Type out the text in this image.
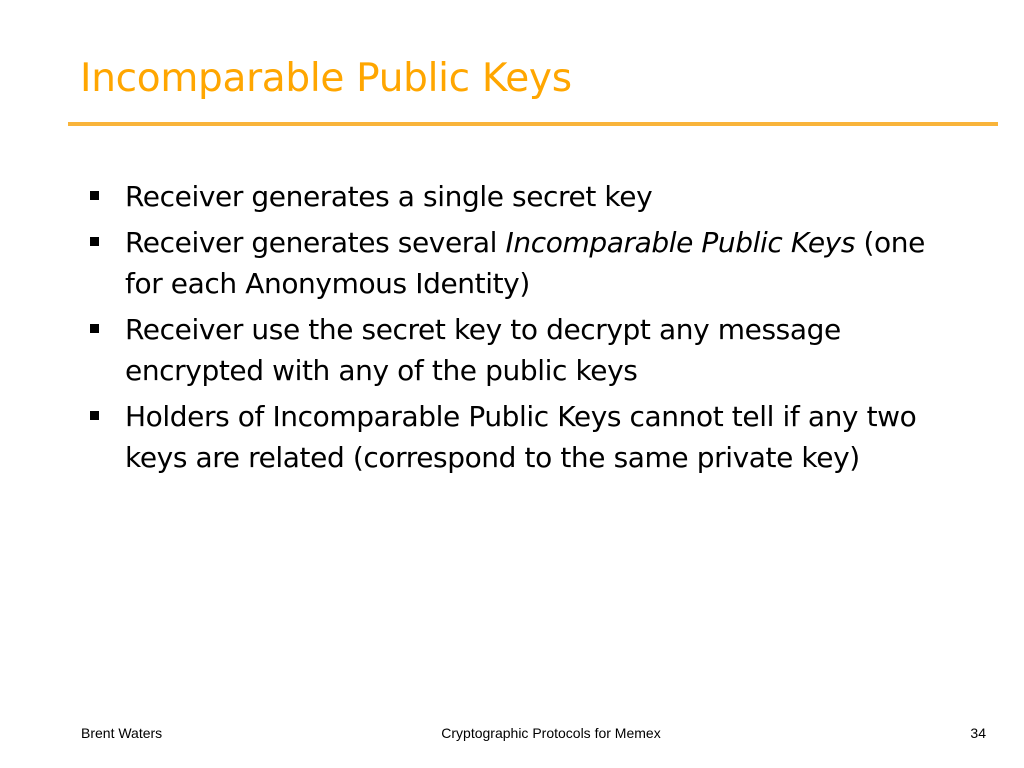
Incomparable Public Keys
Receiver generates a single secret key
Receiver generates several Incomparable Public Keys (one for each Anonymous Identity)
Receiver use the secret key to decrypt any message encrypted with any of the public keys
Holders of Incomparable Public Keys cannot tell if any two keys are related (correspond to the same private key)
Brent Waters	Cryptographic Protocols for Memex	34
